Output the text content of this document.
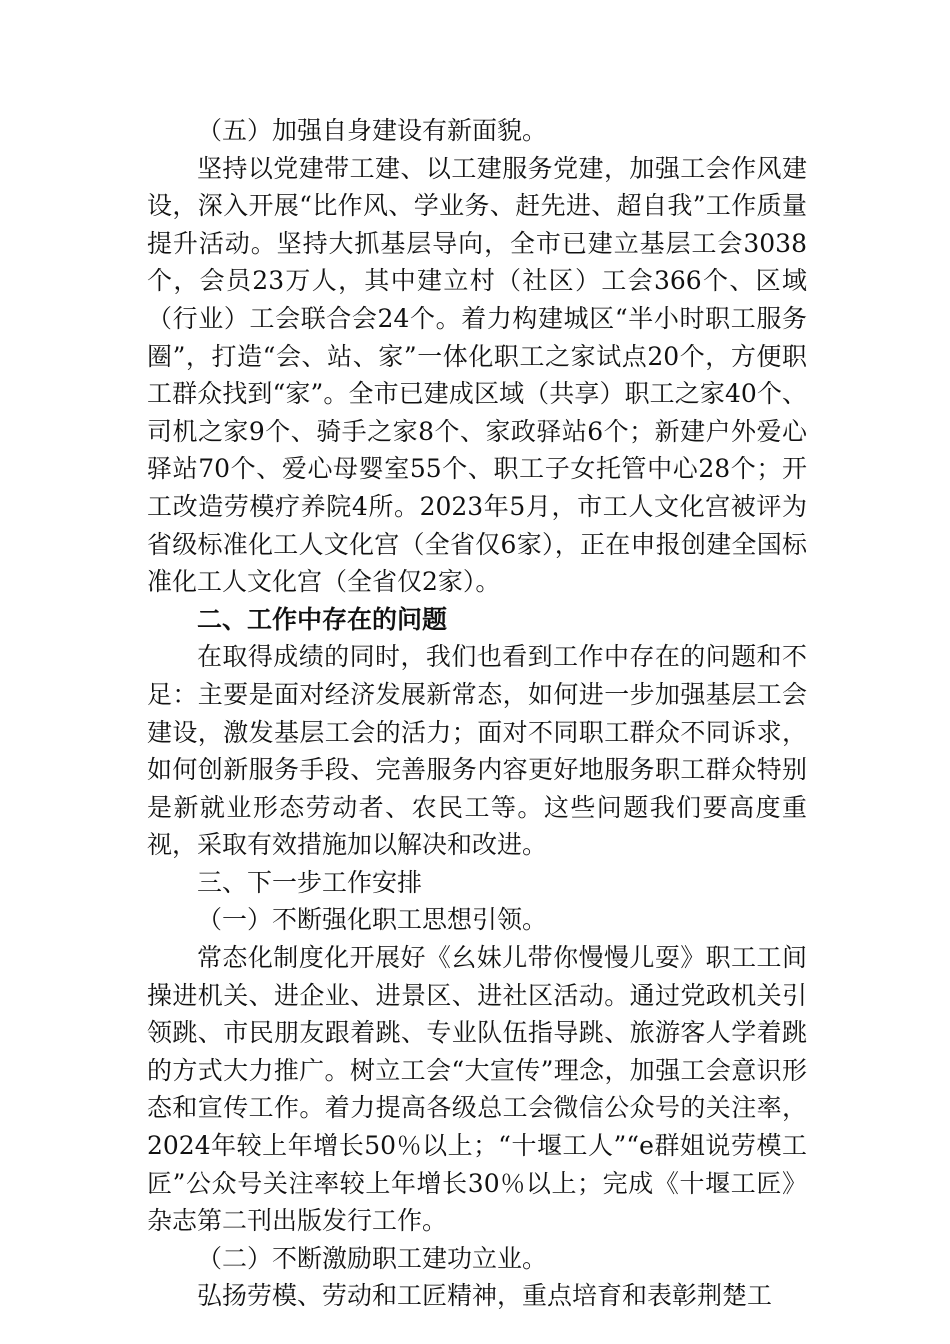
（五）加强自身建设有新面貌。

坚持以党建带工建、以工建服务党建，加强工会作风建设，深入开展“比作风、学业务、赶先进、超自我”工作质量提升活动。坚持大抓基层导向，全市已建立基层工会3038个，会员23万人，其中建立村（社区）工会366个、区域（行业）工会联合会24个。着力构建城区“半小时职工服务圈”，打造“会、站、家”一体化职工之家试点20个，方便职工群众找到“家”。全市已建成区域（共享）职工之家40个、司机之家9个、骑手之家8个、家政驿站6个；新建户外爱心驿站70个、爱心母婴室55个、职工子女托管中心28个；开工改造劳模疗养院4所。2023年5月，市工人文化宫被评为省级标准化工人文化宫（全省仅6家），正在申报创建全国标准化工人文化宫（全省仅2家）。

二、工作中存在的问题

在取得成绩的同时，我们也看到工作中存在的问题和不足：主要是面对经济发展新常态，如何进一步加强基层工会建设，激发基层工会的活力；面对不同职工群众不同诉求，如何创新服务手段、完善服务内容更好地服务职工群众特别是新就业形态劳动者、农民工等。这些问题我们要高度重视，采取有效措施加以解决和改进。

三、下一步工作安排

（一）不断强化职工思想引领。

常态化制度化开展好《幺妹儿带你慢慢儿耍》职工工间操进机关、进企业、进景区、进社区活动。通过党政机关引领跳、市民朋友跟着跳、专业队伍指导跳、旅游客人学着跳的方式大力推广。树立工会“大宣传”理念，加强工会意识形态和宣传工作。着力提高各级总工会微信公众号的关注率，2024年较上年增长50％以上；“十堰工人”“e群姐说劳模工匠”公众号关注率较上年增长30％以上；完成《十堰工匠》杂志第二刊出版发行工作。

（二）不断激励职工建功立业。

弘扬劳模、劳动和工匠精神，重点培育和表彰荆楚工
